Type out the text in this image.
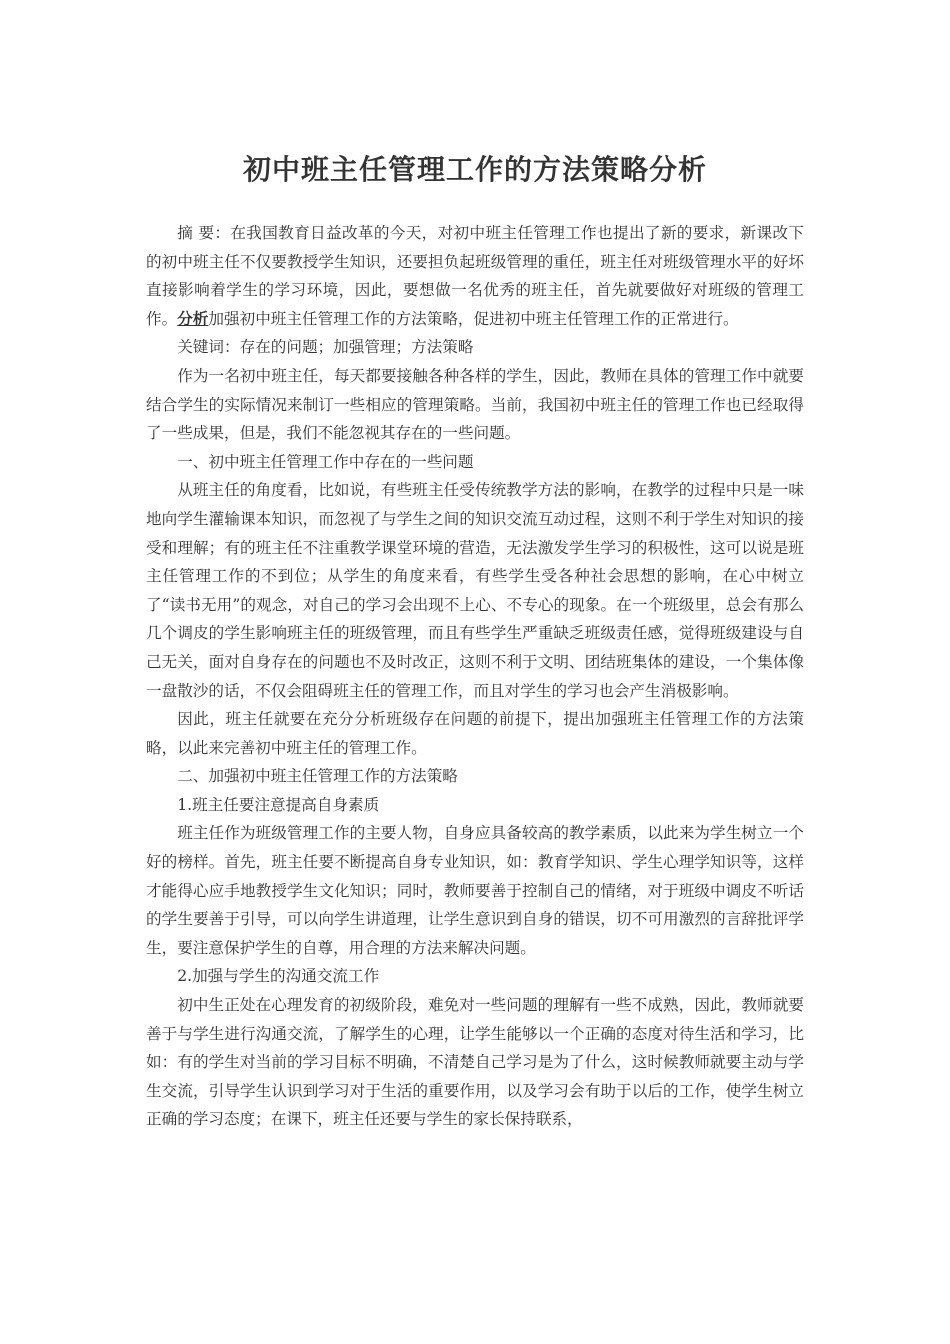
初中班主任管理工作的方法策略分析

摘 要：在我国教育日益改革的今天，对初中班主任管理工作也提出了新的要求，新课改下的初中班主任不仅要教授学生知识，还要担负起班级管理的重任，班主任对班级管理水平的好坏直接影响着学生的学习环境，因此，要想做一名优秀的班主任，首先就要做好对班级的管理工作。分析加强初中班主任管理工作的方法策略，促进初中班主任管理工作的正常进行。

关键词：存在的问题；加强管理；方法策略

作为一名初中班主任，每天都要接触各种各样的学生，因此，教师在具体的管理工作中就要结合学生的实际情况来制订一些相应的管理策略。当前，我国初中班主任的管理工作也已经取得了一些成果，但是，我们不能忽视其存在的一些问题。

一、初中班主任管理工作中存在的一些问题

从班主任的角度看，比如说，有些班主任受传统教学方法的影响，在教学的过程中只是一味地向学生灌输课本知识，而忽视了与学生之间的知识交流互动过程，这则不利于学生对知识的接受和理解；有的班主任不注重教学课堂环境的营造，无法激发学生学习的积极性，这可以说是班主任管理工作的不到位；从学生的角度来看，有些学生受各种社会思想的影响，在心中树立了“读书无用”的观念，对自己的学习会出现不上心、不专心的现象。在一个班级里，总会有那么几个调皮的学生影响班主任的班级管理，而且有些学生严重缺乏班级责任感，觉得班级建设与自己无关，面对自身存在的问题也不及时改正，这则不利于文明、团结班集体的建设，一个集体像一盘散沙的话，不仅会阻碍班主任的管理工作，而且对学生的学习也会产生消极影响。

因此，班主任就要在充分分析班级存在问题的前提下，提出加强班主任管理工作的方法策略，以此来完善初中班主任的管理工作。

二、加强初中班主任管理工作的方法策略

1.班主任要注意提高自身素质

班主任作为班级管理工作的主要人物，自身应具备较高的教学素质，以此来为学生树立一个好的榜样。首先，班主任要不断提高自身专业知识，如：教育学知识、学生心理学知识等，这样才能得心应手地教授学生文化知识；同时，教师要善于控制自己的情绪，对于班级中调皮不听话的学生要善于引导，可以向学生讲道理，让学生意识到自身的错误，切不可用激烈的言辞批评学生，要注意保护学生的自尊，用合理的方法来解决问题。

2.加强与学生的沟通交流工作

初中生正处在心理发育的初级阶段，难免对一些问题的理解有一些不成熟，因此，教师就要善于与学生进行沟通交流，了解学生的心理，让学生能够以一个正确的态度对待生活和学习，比如：有的学生对当前的学习目标不明确，不清楚自己学习是为了什么，这时候教师就要主动与学生交流，引导学生认识到学习对于生活的重要作用，以及学习会有助于以后的工作，使学生树立正确的学习态度；在课下，班主任还要与学生的家长保持联系，
